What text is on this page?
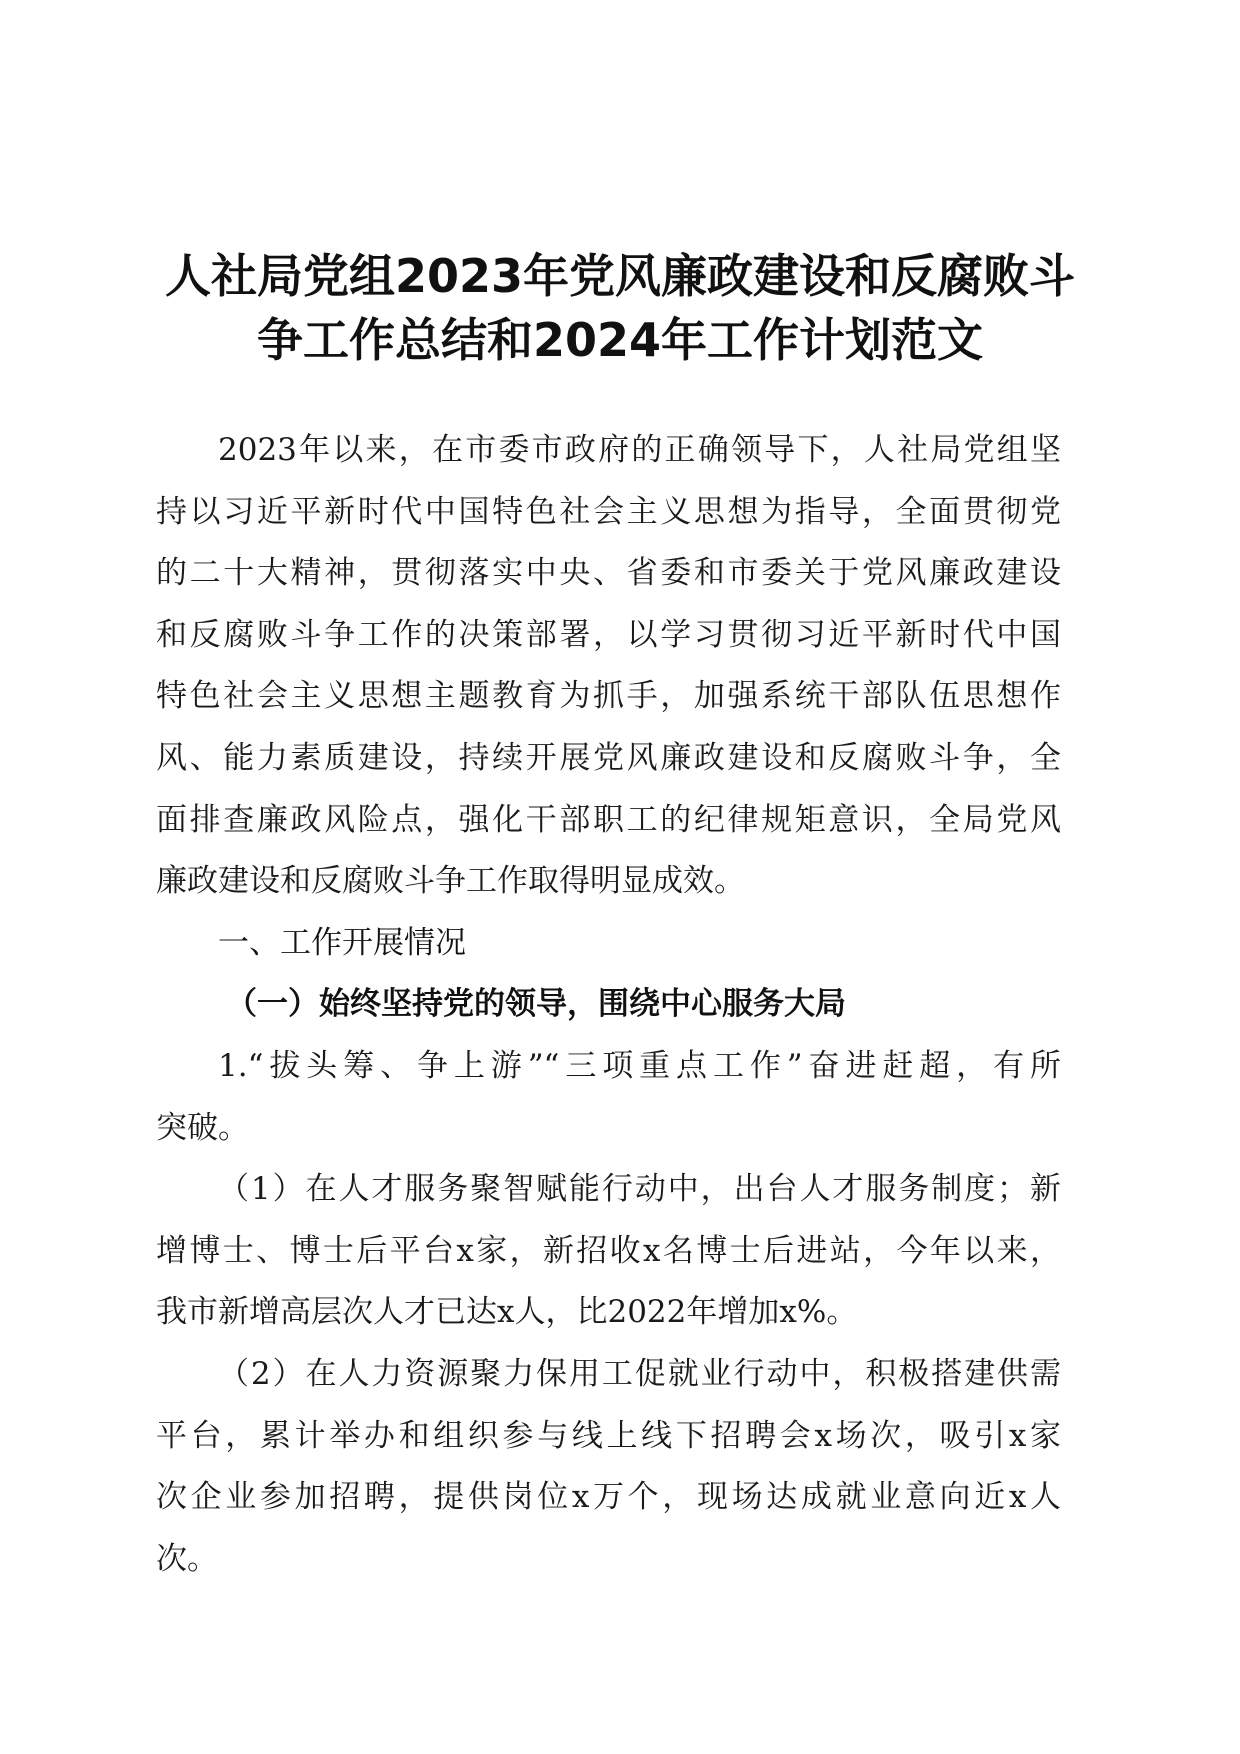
人社局党组2023年党风廉政建设和反腐败斗
争工作总结和2024年工作计划范文
2023年以来，在市委市政府的正确领导下，人社局党组坚
持以习近平新时代中国特色社会主义思想为指导，全面贯彻党
的二十大精神，贯彻落实中央、省委和市委关于党风廉政建设
和反腐败斗争工作的决策部署，以学习贯彻习近平新时代中国
特色社会主义思想主题教育为抓手，加强系统干部队伍思想作
风、能力素质建设，持续开展党风廉政建设和反腐败斗争，全
面排查廉政风险点，强化干部职工的纪律规矩意识，全局党风
廉政建设和反腐败斗争工作取得明显成效。
一、工作开展情况
（一）始终坚持党的领导，围绕中心服务大局
1.“拔头筹、争上游”“三项重点工作”奋进赶超，有所
突破。
（1）在人才服务聚智赋能行动中，出台人才服务制度；新
增博士、博士后平台x家，新招收x名博士后进站，今年以来，
我市新增高层次人才已达x人，比2022年增加x%。
（2）在人力资源聚力保用工促就业行动中，积极搭建供需
平台，累计举办和组织参与线上线下招聘会x场次，吸引x家
次企业参加招聘，提供岗位x万个，现场达成就业意向近x人
次。
